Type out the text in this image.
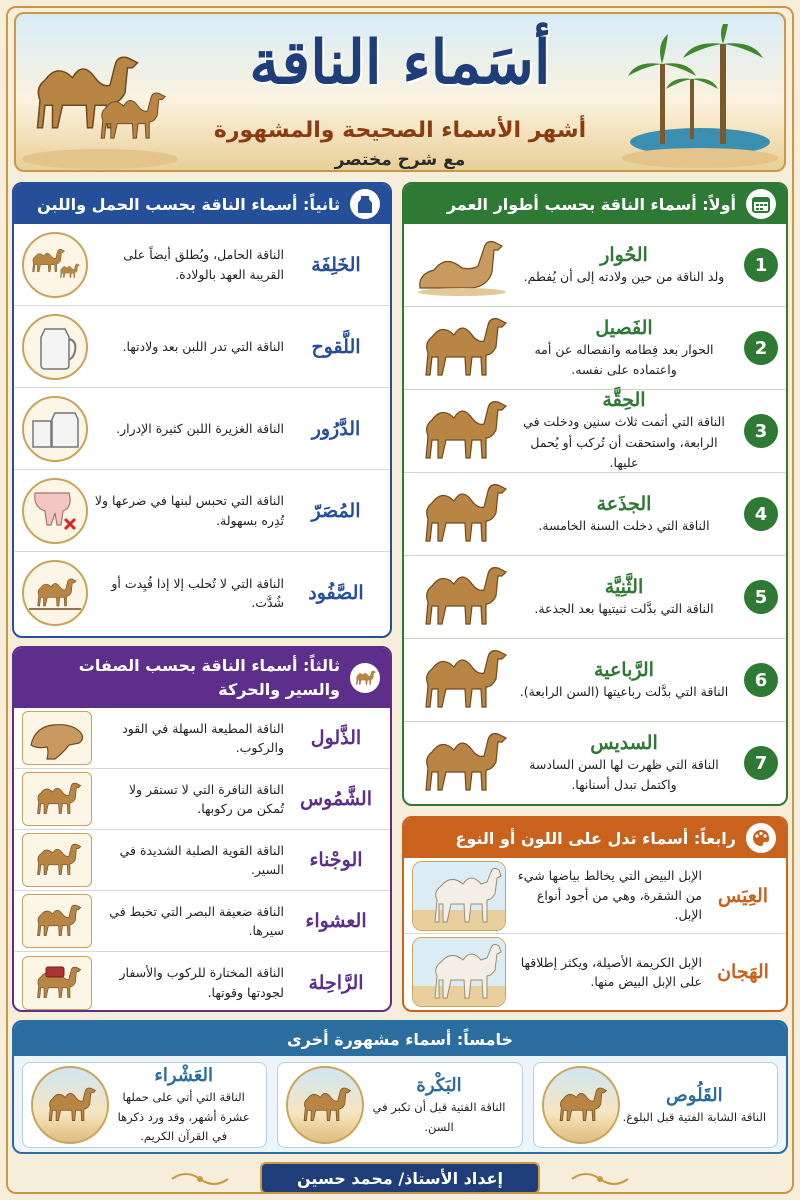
أسَماء الناقة
أشهر الأسماء الصحيحة والمشهورة
مع شرح مختصر
أولاً: أسماء الناقة بحسب أطوار العمر
1
الحُوار
ولد الناقة من حين ولادته إلى أن يُفطم.
2
الفَصيل
الحوار بعد فِطامه وانفصاله عن أمه واعتماده على نفسه.
3
الحِقَّة
الناقة التي أتمت ثلاث سنين ودخلت في الرابعة، واستحقت أن تُركب أو يُحمل عليها.
4
الجذَعة
الناقة التي دخلت السنة الخامسة.
5
الثَّنِيَّة
الناقة التي بدَّلت ثنيتيها بعد الجذعة.
6
الرَّباعية
الناقة التي بدَّلت رباعيتها (السن الرابعة).
7
السديس
الناقة التي ظهرت لها السن السادسة واكتمل تبدل أسنانها.
ثانياً: أسماء الناقة بحسب الحمل واللبن
الخَلِفَة
الناقة الحامل، ويُطلق أيضاً على القريبة العهد بالولادة.
اللَّقوح
الناقة التي تدر اللبن بعد ولادتها.
الدَّرُور
الناقة الغزيرة اللبن كثيرة الإدرار.
المُصَرّ
الناقة التي تحبس لبنها في ضرعها ولا تُدِره بسهولة.
الصَّفُود
الناقة التي لا تُحلب إلا إذا قُيِدت أو شُدَّت.
ثالثاً: أسماء الناقة بحسب الصفات والسير والحركة
الذَّلول
الناقة المطيعة السهلة في القود والركوب.
الشَّمُوس
الناقة النافرة التي لا تستقر ولا تُمكن من ركوبها.
الوجْناء
الناقة القوية الصلبة الشديدة في السير.
العشواء
الناقة ضعيفة البصر التي تخبط في سيرها.
الرَّاحِلة
الناقة المختارة للركوب والأسفار لجودتها وقوتها.
رابعاً: أسماء تدل على اللون أو النوع
العِيَس
الإبل البيض التي يخالط بياضها شيء من الشقرة، وهي من أجود أنواع الإبل.
الهَجان
الإبل الكريمة الأصيلة، ويكثر إطلاقها على الإبل البيض منها.
خامساً: أسماء مشهورة أخرى
القَلُوص
الناقة الشابة الفتية قبل البلوغ.
البَكْرة
الناقة الفتية قبل أن تكبر في السن.
العَشْراء
الناقة التي أتي على حملها عشرة أشهر، وقد ورد ذكرها في القرآن الكريم.
إعداد الأستاذ/ محمد حسين
